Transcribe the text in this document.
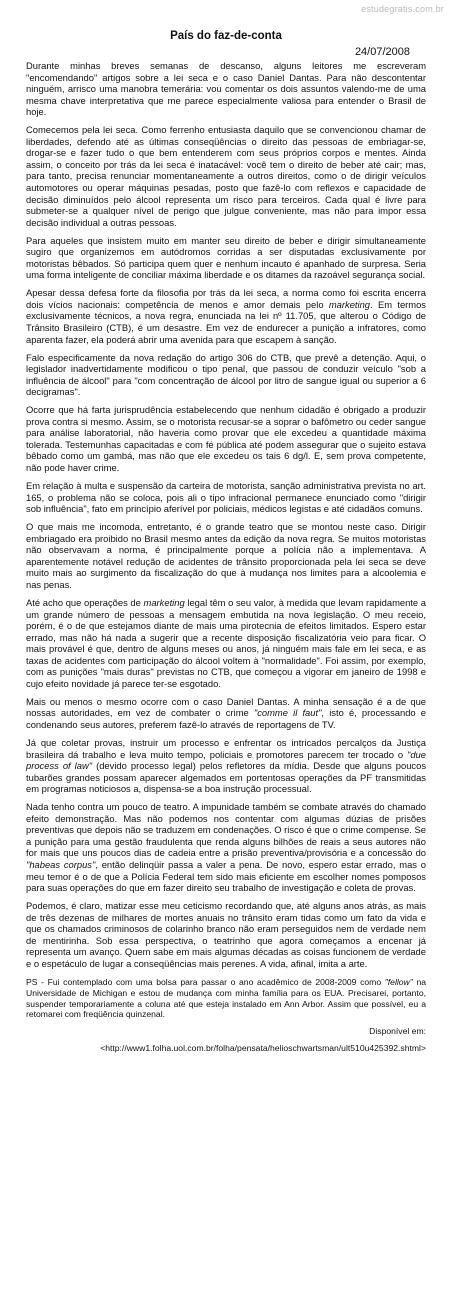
estudegratis.com.br
País do faz-de-conta
24/07/2008

Durante minhas breves semanas de descanso, alguns leitores me escreveram "encomendando" artigos sobre a lei seca e o caso Daniel Dantas. Para não descontentar ninguém, arrisco uma manobra temerária: vou comentar os dois assuntos valendo-me de uma mesma chave interpretativa que me parece especialmente valiosa para entender o Brasil de hoje.

Comecemos pela lei seca. Como ferrenho entusiasta daquilo que se convencionou chamar de liberdades, defendo até as últimas conseqüências o direito das pessoas de embriagar-se, drogar-se e fazer tudo o que bem entenderem com seus próprios corpos e mentes. Ainda assim, o conceito por trás da lei seca é inatacável: você tem o direito de beber até cair; mas, para tanto, precisa renunciar momentaneamente a outros direitos, como o de dirigir veículos automotores ou operar máquinas pesadas, posto que fazê-lo com reflexos e capacidade de decisão diminuídos pelo álcool representa um risco para terceiros. Cada qual é livre para submeter-se a qualquer nível de perigo que julgue conveniente, mas não para impor essa decisão individual a outras pessoas.

Para aqueles que insistem muito em manter seu direito de beber e dirigir simultaneamente sugiro que organizemos em autódromos corridas a ser disputadas exclusivamente por motoristas bêbados. Só participa quem quer e nenhum incauto é apanhado de surpresa. Seria uma forma inteligente de conciliar máxima liberdade e os ditames da razoável segurança social.

Apesar dessa defesa forte da filosofia por trás da lei seca, a norma como foi escrita encerra dois vícios nacionais: competência de menos e amor demais pelo marketing. Em termos exclusivamente técnicos, a nova regra, enunciada na lei nº 11.705, que alterou o Código de Trânsito Brasileiro (CTB), é um desastre. Em vez de endurecer a punição a infratores, como aparenta fazer, ela poderá abrir uma avenida para que escapem à sanção.

Falo especificamente da nova redação do artigo 306 do CTB, que prevê a detenção. Aqui, o legislador inadvertidamente modificou o tipo penal, que passou de conduzir veículo "sob a influência de álcool" para "com concentração de álcool por litro de sangue igual ou superior a 6 decigramas".

Ocorre que há farta jurisprudência estabelecendo que nenhum cidadão é obrigado a produzir prova contra si mesmo. Assim, se o motorista recusar-se a soprar o bafômetro ou ceder sangue para análise laboratorial, não haveria como provar que ele excedeu a quantidade máxima tolerada. Testemunhas capacitadas e com fé pública até podem assegurar que o sujeito estava bêbado como um gambá, mas não que ele excedeu os tais 6 dg/l. E, sem prova competente, não pode haver crime.

Em relação à multa e suspensão da carteira de motorista, sanção administrativa prevista no art. 165, o problema não se coloca, pois ali o tipo infracional permanece enunciado como "dirigir sob influência", fato em princípio aferível por policiais, médicos legistas e até cidadãos comuns.

O que mais me incomoda, entretanto, é o grande teatro que se montou neste caso. Dirigir embriagado era proibido no Brasil mesmo antes da edição da nova regra. Se muitos motoristas não observavam a norma, é principalmente porque a polícia não a implementava. A aparentemente notável redução de acidentes de trânsito proporcionada pela lei seca se deve muito mais ao surgimento da fiscalização do que à mudança nos limites para a alcoolemia e nas penas.

Até acho que operações de marketing legal têm o seu valor, à medida que levam rapidamente a um grande número de pessoas a mensagem embutida na nova legislação. O meu receio, porém, é o de que estejamos diante de mais uma pirotecnia de efeitos limitados. Espero estar errado, mas não há nada a sugerir que a recente disposição fiscalizatória veio para ficar. O mais provável é que, dentro de alguns meses ou anos, já ninguém mais fale em lei seca, e as taxas de acidentes com participação do álcool voltem à "normalidade". Foi assim, por exemplo, com as punições "mais duras" previstas no CTB, que começou a vigorar em janeiro de 1998 e cujo efeito novidade já parece ter-se esgotado.

Mais ou menos o mesmo ocorre com o caso Daniel Dantas. A minha sensação é a de que nossas autoridades, em vez de combater o crime "comme il faut", isto é, processando e condenando seus autores, preferem fazê-lo através de reportagens de TV.

Já que coletar provas, instruir um processo e enfrentar os intricados percalços da Justiça brasileira dá trabalho e leva muito tempo, policiais e promotores parecem ter trocado o "due process of law" (devido processo legal) pelos refletores da mídia. Desde que alguns poucos tubarões grandes possam aparecer algemados em portentosas operações da PF transmitidas em programas noticiosos a, dispensa-se a boa instrução processual.

Nada tenho contra um pouco de teatro. A impunidade também se combate através do chamado efeito demonstração. Mas não podemos nos contentar com algumas dúzias de prisões preventivas que depois não se traduzem em condenações. O risco é que o crime compense. Se a punição para uma gestão fraudulenta que renda alguns bilhões de reais a seus autores não for mais que uns poucos dias de cadeia entre a prisão preventiva/provisória e a concessão do "habeas corpus", então delinqüir passa a valer a pena. De novo, espero estar errado, mas o meu temor é o de que a Polícia Federal tem sido mais eficiente em escolher nomes pomposos para suas operações do que em fazer direito seu trabalho de investigação e coleta de provas.

Podemos, é claro, matizar esse meu ceticismo recordando que, até alguns anos atrás, as mais de três dezenas de milhares de mortes anuais no trânsito eram tidas como um fato da vida e que os chamados criminosos de colarinho branco não eram perseguidos nem de verdade nem de mentirinha. Sob essa perspectiva, o teatrinho que agora começamos a encenar já representa um avanço. Quem sabe em mais algumas décadas as coisas funcionem de verdade e o espetáculo de lugar a conseqüências mais perenes. A vida, afinal, imita a arte.

PS - Fui contemplado com uma bolsa para passar o ano acadêmico de 2008-2009 como "fellow" na Universidade de Michigan e estou de mudança com minha família para os EUA. Precisarei, portanto, suspender temporariamente a coluna até que esteja instalado em Ann Arbor. Assim que possível, eu a retomarei com freqüência quinzenal.

Disponível em:

<http://www1.folha.uol.com.br/folha/pensata/helioschwartsman/ult510u425392.shtml>
